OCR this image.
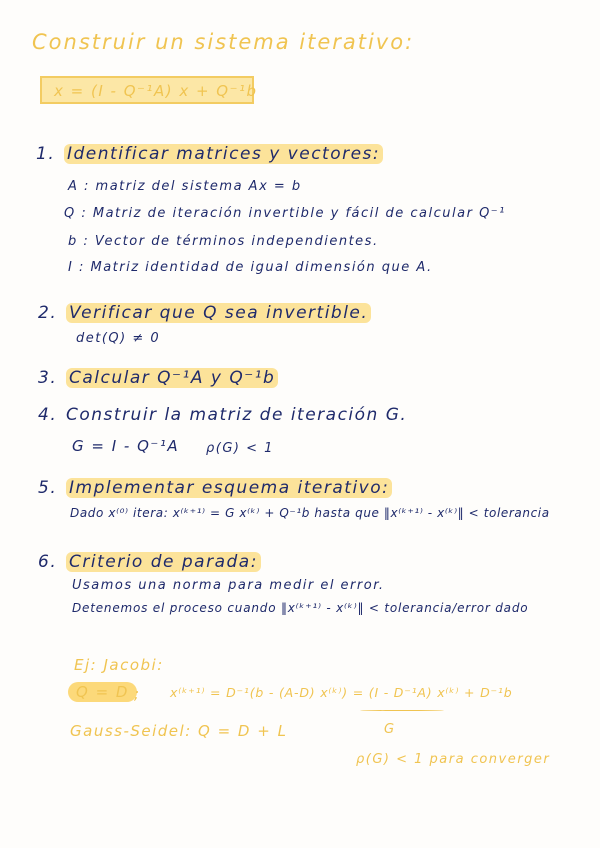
Construir un sistema iterativo:
x = (I - Q⁻¹A) x + Q⁻¹b
1. Identificar matrices y vectores:
A : matriz del sistema Ax = b
Q : Matriz de iteración invertible y fácil de calcular Q⁻¹
b : Vector de términos independientes.
I : Matriz identidad de igual dimensión que A.
2. Verificar que Q sea invertible.
det(Q) ≠ 0
3. Calcular Q⁻¹A y Q⁻¹b
4. Construir la matriz de iteración G.
G = I - Q⁻¹A ρ(G) < 1
5. Implementar esquema iterativo:
Dado x⁽⁰⁾ itera: x⁽ᵏ⁺¹⁾ = G x⁽ᵏ⁾ + Q⁻¹b hasta que ‖x⁽ᵏ⁺¹⁾ - x⁽ᵏ⁾‖ < tolerancia
6. Criterio de parada:
Usamos una norma para medir el error.
Detenemos el proceso cuando ‖x⁽ᵏ⁺¹⁾ - x⁽ᵏ⁾‖ < tolerancia/error dado
Ej: Jacobi:
Q = D ; x⁽ᵏ⁺¹⁾ = D⁻¹(b - (A-D) x⁽ᵏ⁾) = (I - D⁻¹A) x⁽ᵏ⁾ + D⁻¹b
G
Gauss-Seidel: Q = D + L
ρ(G) < 1 para converger
